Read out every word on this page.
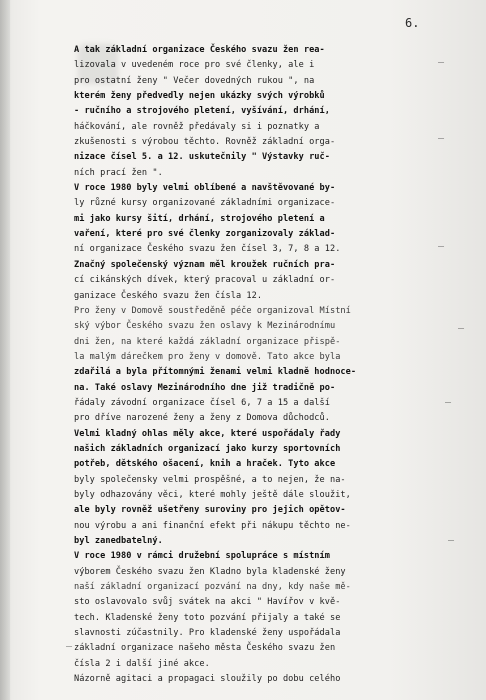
6.
A tak základní organizace Českého svazu žen rea-
lizovala v uvedeném roce pro své členky, ale i
pro ostatní ženy " Večer dovedných rukou ", na
kterém ženy předvedly nejen ukázky svých výrobků
- ručního a strojového pletení, vyšívání, drhání,
háčkování, ale rovněž předávaly si i poznatky a
zkušenosti s výrobou těchto. Rovněž základní orga-
nizace čísel 5. a 12. uskutečnily " Výstavky ruč-
ních prací žen ".
V roce 1980 byly velmi oblíbené a navštěvované by-
ly různé kursy organizované základními organizace-
mi jako kursy šití, drhání, strojového pletení a
vaření, které pro své členky zorganizovaly základ-
ní organizace Českého svazu žen čísel 3, 7, 8 a 12.
Značný společenský význam měl kroužek ručních pra-
cí cikánských dívek, který pracoval u základní or-
ganizace Českého svazu žen čísla 12.
Pro ženy v Domově soustředěně péče organizoval Místní
ský výbor Českého svazu žen oslavy k Mezinárodnímu
dni žen, na které každá základní organizace přispě-
la malým dárečkem pro ženy v domově. Tato akce byla
zdařilá a byla přítomnými ženami velmi kladně hodnoce-
na. Také oslavy Mezinárodního dne již tradičně po-
řádaly závodní organizace čísel 6, 7 a 15 a další
pro dříve narozené ženy a ženy z Domova důchodců.
Velmi kladný ohlas měly akce, které uspořádaly řady
našich základních organizací jako kurzy sportovních
potřeb, dětského ošacení, knih a hraček. Tyto akce
byly společensky velmi prospěšné, a to nejen, že na-
byly odhazovány věci, které mohly ještě dále sloužit,
ale byly rovněž ušetřeny suroviny pro jejich opětov-
nou výrobu a ani finanční efekt při nákupu těchto ne-
byl zanedbatelný.
V roce 1980 v rámci družební spolupráce s místním
výborem Českého svazu žen Kladno byla kladenské ženy
naší základní organizací pozvání na dny, kdy naše mě-
sto oslavovalo svůj svátek na akci " Havířov v kvě-
tech. Kladenské ženy toto pozvání přijaly a také se
slavnosti zúčastnily. Pro kladenské ženy uspořádala
základní organizace našeho města Českého svazu žen
čísla 2 i další jiné akce.
Názorně agitaci a propagaci sloužily po dobu celého
_
_
_
_
_
_
_
